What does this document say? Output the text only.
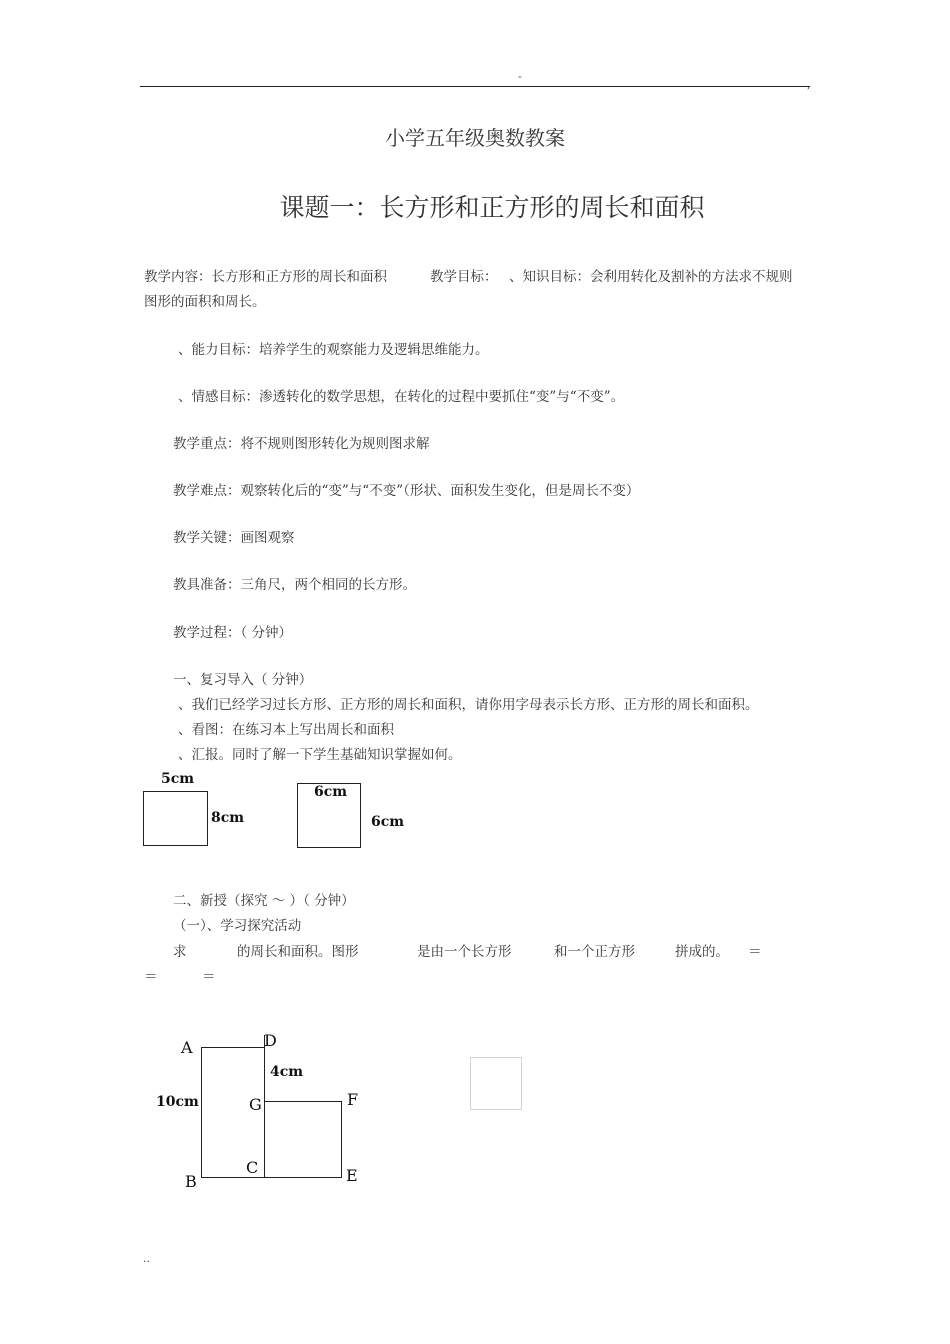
-
,
小学五年级奥数教案
课题一：长方形和正方形的周长和面积
教学内容：长方形和正方形的周长和面积	教学目标： 、知识目标：会利用转化及割补的方法求不规则
图形的面积和周长。
、能力目标：培养学生的观察能力及逻辑思维能力。
、情感目标：渗透转化的数学思想，在转化的过程中要抓住“变”与“不变”。
教学重点：将不规则图形转化为规则图求解
教学难点：观察转化后的“变”与“不变”（形状、面积发生变化，但是周长不变）
教学关键：画图观察
教具准备：三角尺，两个相同的长方形。
教学过程：（ 分钟）
一、复习导入（ 分钟）
、我们已经学习过长方形、正方形的周长和面积，请你用字母表示长方形、正方形的周长和面积。
、看图：在练习本上写出周长和面积
、汇报。同时了解一下学生基础知识掌握如何。
5cm
8cm
6cm
6cm
二、新授（探究 ～ ）（ 分钟）
（一）、学习探究活动
求	的周长和面积。图形	是由一个长方形	和一个正方形	拼成的。 ＝
＝	＝
A	D
4cm
10cm	G	F
C	E
B
..
